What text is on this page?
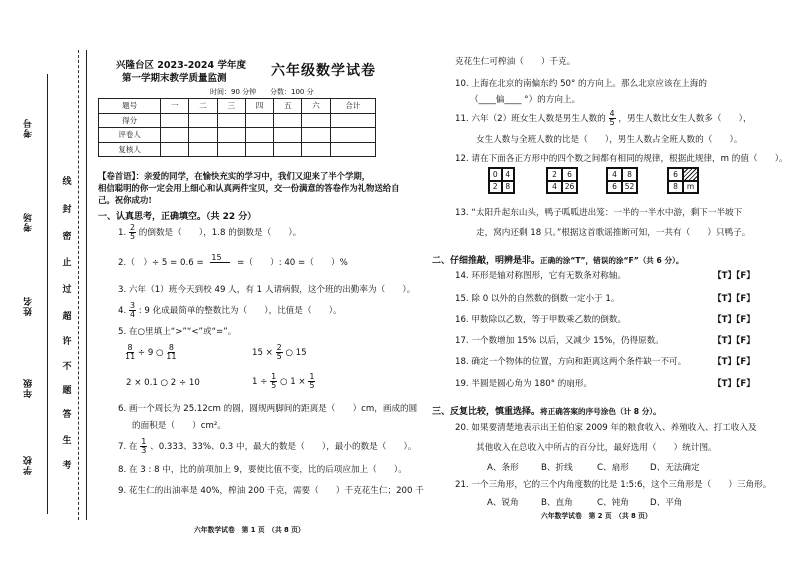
考号
考场
姓名
年级
学校
线
封
密
止
过
超
许
不
题
答
生
考
兴隆台区 2023-2024 学年度
第一学期末教学质量监测	六年级数学试卷
时间：90 分钟 分数：100 分
题号	一	二	三	四	五	六	合计
得分							
评卷人							
复核人							
【卷首语】：亲爱的同学，在愉快充实的学习中，我们又迎来了半个学期，
相信聪明的你一定会用上细心和认真两件宝贝，交一份满意的答卷作为礼物送给自
己。祝你成功!
一、认真思考，正确填空。（共 22 分）
1. $\frac{2}{5}$ 的倒数是（　　），1.8 的倒数是（　　）。
2.（　）÷ 5 = 0.6 =
15
=（　　）: 40 =（　　）%
3. 六年（1）班今天到校 49 人，有 1 人请病假，这个班的出勤率为（　　）。
4. $\frac{3}{4}$ : 9 化成最简单的整数比为（　　），比值是（　　）。
5. 在○里填上“>”“<”或“=”。
$\frac{8}{11} \div 9$ ○ $\frac{8}{11}$	$15 \times \frac{2}{5}$ ○ 15
2 × 0.1 ○ 2 ÷ 10	$1 \div \frac{1}{5}$ ○ $1 \times \frac{1}{5}$
6. 画一个周长为 25.12cm 的圆，圆规两脚间的距离是（　　）cm，画成的圆
的面积是（　　）cm²。
7. 在 $\frac{1}{3}$ 、0.333、33%、0.3 中，最大的数是（　　），最小的数是（　　）。
8. 在 3 : 8 中，比的前项加上 9，要使比值不变，比的后项应加上（　　）。
9. 花生仁的出油率是 40%，榨油 200 千克，需要（　　）千克花生仁；200 千
六年数学试卷　第 1 页　（共 8 页）
克花生仁可榨油（　　）千克。
10. 上海在北京的南偏东约 50° 的方向上。那么北京应该在上海的
（____偏____ °）的方向上。
11. 六年（2）班女生人数是男生人数的 $\frac{4}{5}$ ，男生人数比女生人数多（　　），
女生人数与全班人数的比是（　　），男生人数占全班人数的（　　）。
12. 请在下面各正方形中的四个数之间都有相同的规律，根据此规律，m 的值（　　）。
0	4
2	8
2	6
4	26
4	8
6	52
6
8	m
13. “太阳升起东山头，鸭子呱呱进出笼：一半的一半水中游，剩下一半坡下
走，窝内还剩 18 只。”根据这首歌谣推断可知，一共有（　　）只鸭子。
二、仔细推敲，明辨是非。正确的涂“T”，错误的涂“F”（共 6 分）。
14. 环形是轴对称图形，它有无数条对称轴。	【T】【F】
15. 除 0 以外的自然数的倒数一定小于 1。	【T】【F】
16. 甲数除以乙数，等于甲数乘乙数的倒数。	【T】【F】
17. 一个数增加 15% 以后，又减少 15%，仍得原数。	【T】【F】
18. 确定一个物体的位置，方向和距离这两个条件缺一不可。	【T】【F】
19. 半圆是圆心角为 180° 的扇形。	【T】【F】
三、反复比较，慎重选择。将正确答案的序号涂色（计 8 分）。
20. 如果要清楚地表示出王伯伯家 2009 年的粮食收入、养殖收入、打工收入及
其他收入在总收入中所占的百分比，最好选用（　　）统计图。
A、条形	B、折线	C、扇形 D、无法确定
21. 一个三角形，它的三个内角度数的比是 1:5:6，这个三角形是（　　）三角形。
A、锐角	B、直角	C、钝角 D、平角
六年数学试卷　第 2 页　（共 8 页）
